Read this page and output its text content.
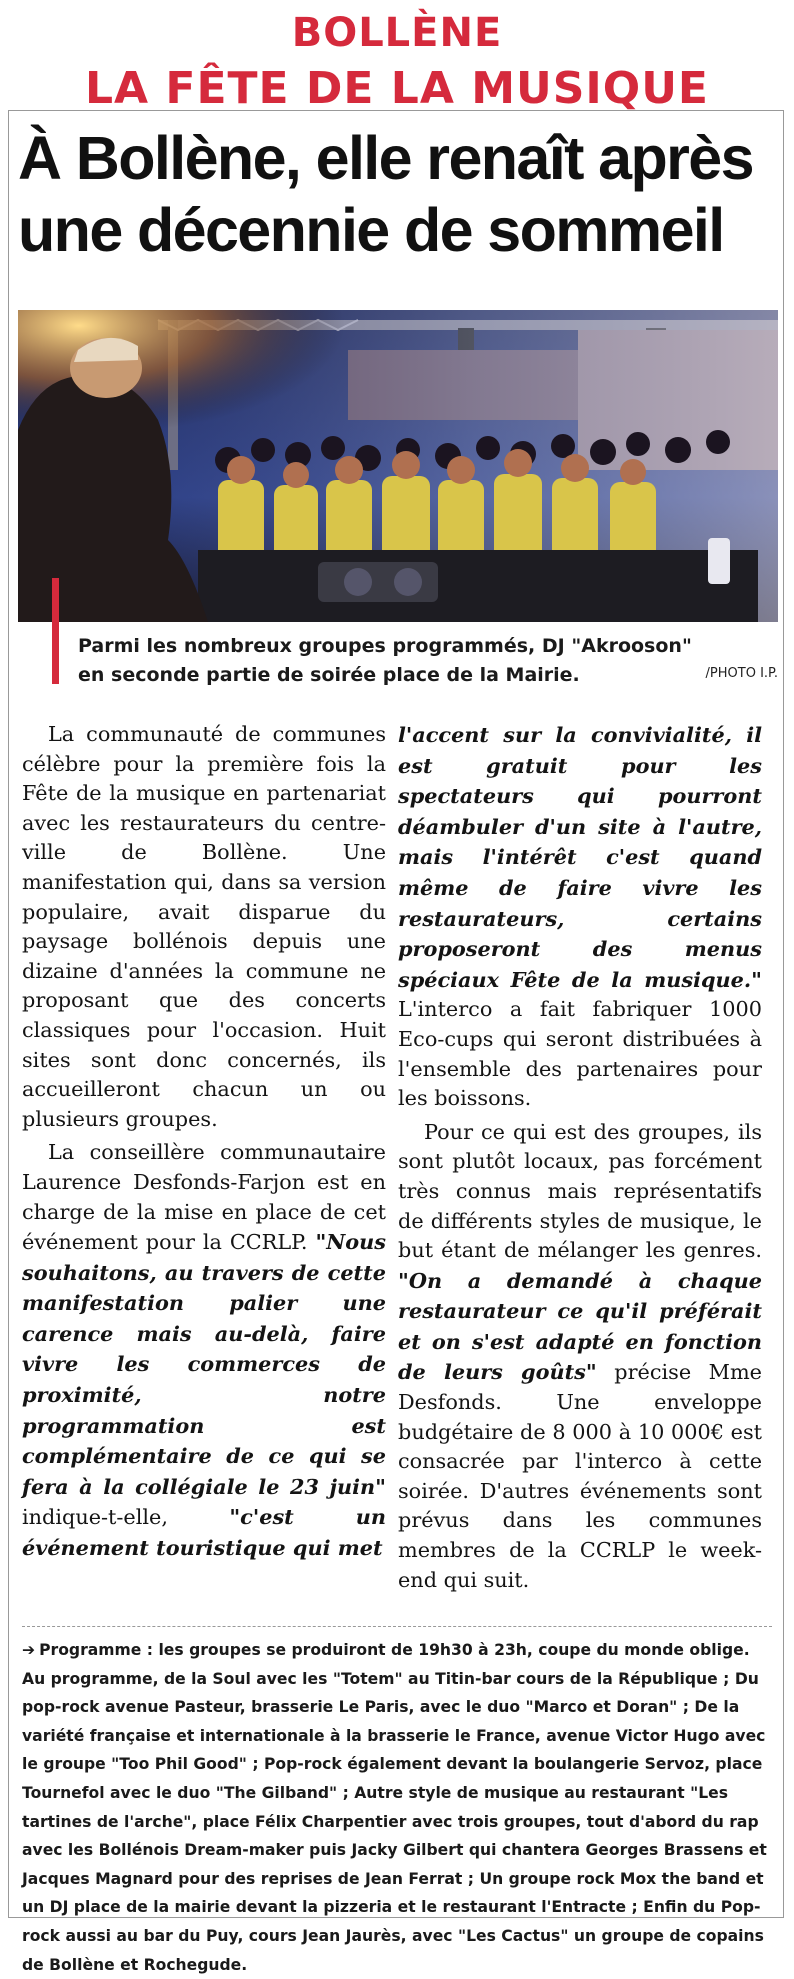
BOLLÈNE
LA FÊTE DE LA MUSIQUE
À Bollène, elle renaît après une décennie de sommeil

Parmi les nombreux groupes programmés, DJ "Akrooson" en seconde partie de soirée place de la Mairie.	/PHOTO I.P.

La communauté de communes célèbre pour la première fois la Fête de la musique en partenariat avec les restaurateurs du centre-ville de Bollène. Une manifestation qui, dans sa version populaire, avait disparue du paysage bollénois depuis une dizaine d'années la commune ne proposant que des concerts classiques pour l'occasion. Huit sites sont donc concernés, ils accueilleront chacun un ou plusieurs groupes.

La conseillère communautaire Laurence Desfonds-Farjon est en charge de la mise en place de cet événement pour la CCRLP. "Nous souhaitons, au travers de cette manifestation palier une carence mais au-delà, faire vivre les commerces de proximité, notre programmation est complémentaire de ce qui se fera à la collégiale le 23 juin" indique-t-elle, "c'est un événement touristique qui met

l'accent sur la convivialité, il est gratuit pour les spectateurs qui pourront déambuler d'un site à l'autre, mais l'intérêt c'est quand même de faire vivre les restaurateurs, certains proposeront des menus spéciaux Fête de la musique." L'interco a fait fabriquer 1000 Eco-cups qui seront distribuées à l'ensemble des partenaires pour les boissons.

Pour ce qui est des groupes, ils sont plutôt locaux, pas forcément très connus mais représentatifs de différents styles de musique, le but étant de mélanger les genres. "On a demandé à chaque restaurateur ce qu'il préférait et on s'est adapté en fonction de leurs goûts" précise Mme Desfonds. Une enveloppe budgétaire de 8 000 à 10 000€ est consacrée par l'interco à cette soirée. D'autres événements sont prévus dans les communes membres de la CCRLP le week-end qui suit.

➔ Programme : les groupes se produiront de 19h30 à 23h, coupe du monde oblige. Au programme, de la Soul avec les "Totem" au Titin-bar cours de la République ; Du pop-rock avenue Pasteur, brasserie Le Paris, avec le duo "Marco et Doran" ; De la variété française et internationale à la brasserie le France, avenue Victor Hugo avec le groupe "Too Phil Good" ; Pop-rock également devant la boulangerie Servoz, place Tournefol avec le duo "The Gilband" ; Autre style de musique au restaurant "Les tartines de l'arche", place Félix Charpentier avec trois groupes, tout d'abord du rap avec les Bollénois Dream-maker puis Jacky Gilbert qui chantera Georges Brassens et Jacques Magnard pour des reprises de Jean Ferrat ; Un groupe rock Mox the band et un DJ place de la mairie devant la pizzeria et le restaurant l'Entracte ; Enfin du Pop-rock aussi au bar du Puy, cours Jean Jaurès, avec "Les Cactus" un groupe de copains de Bollène et Rochegude.
